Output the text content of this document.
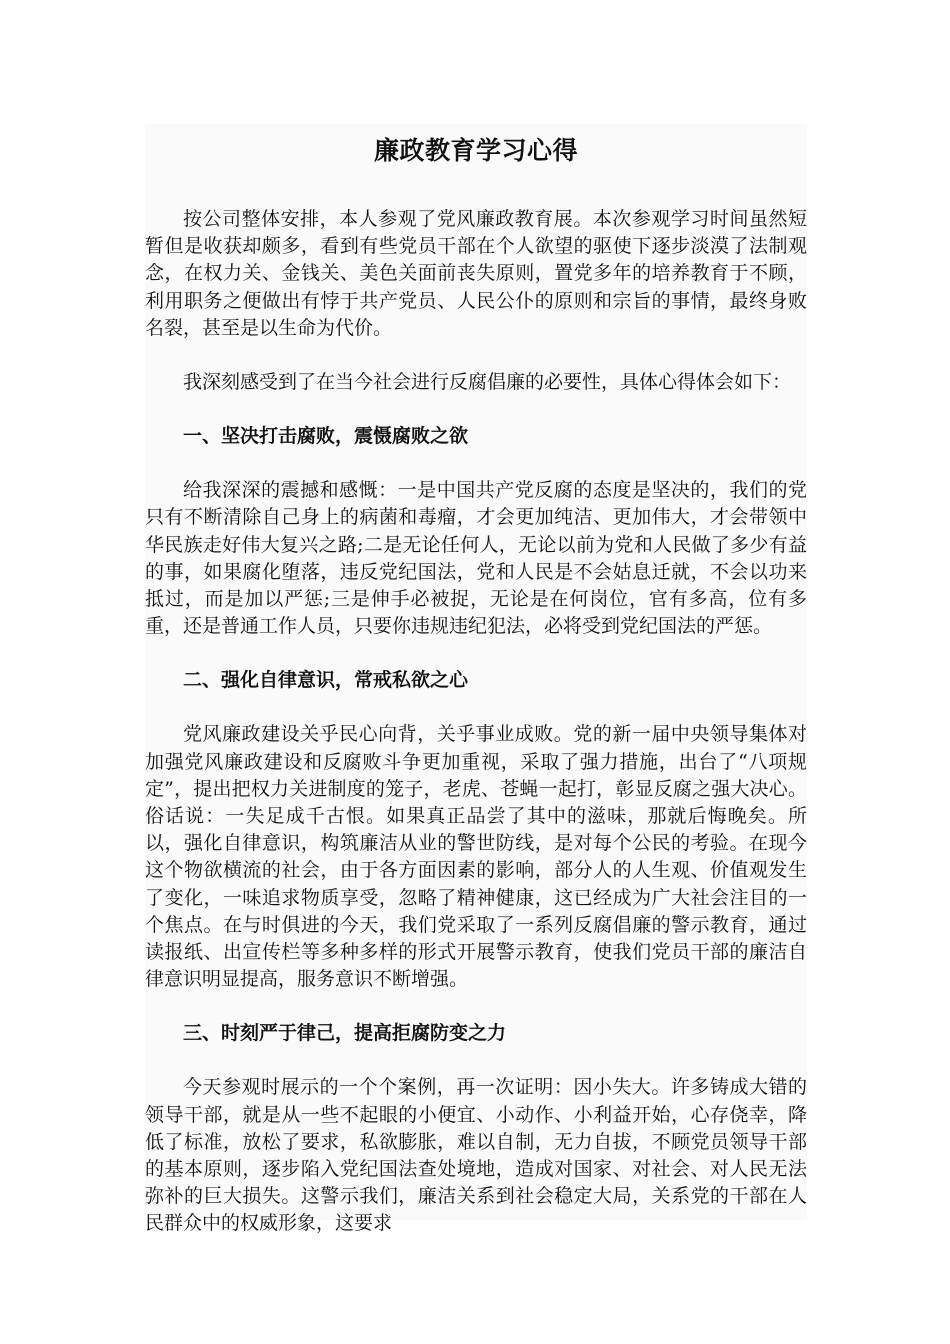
廉政教育学习心得

按公司整体安排，本人参观了党风廉政教育展。本次参观学习时间虽然短暂但是收获却颇多，看到有些党员干部在个人欲望的驱使下逐步淡漠了法制观念，在权力关、金钱关、美色关面前丧失原则，置党多年的培养教育于不顾，利用职务之便做出有悖于共产党员、人民公仆的原则和宗旨的事情，最终身败名裂，甚至是以生命为代价。

我深刻感受到了在当今社会进行反腐倡廉的必要性，具体心得体会如下：

一、坚决打击腐败，震慑腐败之欲

给我深深的震撼和感慨：一是中国共产党反腐的态度是坚决的，我们的党只有不断清除自己身上的病菌和毒瘤，才会更加纯洁、更加伟大，才会带领中华民族走好伟大复兴之路;二是无论任何人，无论以前为党和人民做了多少有益的事，如果腐化堕落，违反党纪国法，党和人民是不会姑息迁就，不会以功来抵过，而是加以严惩;三是伸手必被捉，无论是在何岗位，官有多高，位有多重，还是普通工作人员，只要你违规违纪犯法，必将受到党纪国法的严惩。

二、强化自律意识，常戒私欲之心

党风廉政建设关乎民心向背，关乎事业成败。党的新一届中央领导集体对加强党风廉政建设和反腐败斗争更加重视，采取了强力措施，出台了“八项规定”，提出把权力关进制度的笼子，老虎、苍蝇一起打，彰显反腐之强大决心。俗话说：一失足成千古恨。如果真正品尝了其中的滋味，那就后悔晚矣。所以，强化自律意识，构筑廉洁从业的警世防线，是对每个公民的考验。在现今这个物欲横流的社会，由于各方面因素的影响，部分人的人生观、价值观发生了变化，一味追求物质享受，忽略了精神健康，这已经成为广大社会注目的一个焦点。在与时俱进的今天，我们党采取了一系列反腐倡廉的警示教育，通过读报纸、出宣传栏等多种多样的形式开展警示教育，使我们党员干部的廉洁自律意识明显提高，服务意识不断增强。

三、时刻严于律己，提高拒腐防变之力

今天参观时展示的一个个案例，再一次证明：因小失大。许多铸成大错的领导干部，就是从一些不起眼的小便宜、小动作、小利益开始，心存侥幸，降低了标准，放松了要求，私欲膨胀，难以自制，无力自拔，不顾党员领导干部的基本原则，逐步陷入党纪国法查处境地，造成对国家、对社会、对人民无法弥补的巨大损失。这警示我们，廉洁关系到社会稳定大局，关系党的干部在人民群众中的权威形象，这要求
